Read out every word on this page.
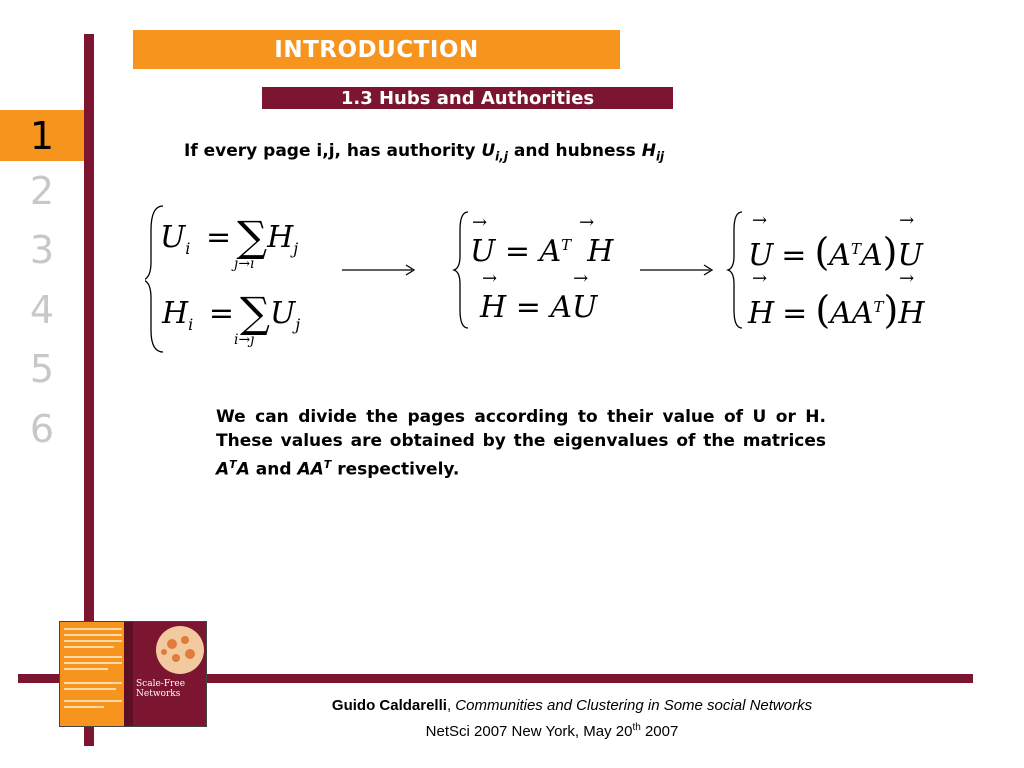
INTRODUCTION
1.3 Hubs and Authorities
1
2
3
4
5
6
If every page i,j, has authority $U_{i,j}$ and hubness $H_{ij}$
$U_i = \sum H_j$
j→i
$H_i = \sum U_j$
i→j
$U = A^T$ H
→	→
H = AU
→	→
$U = (A^TA)U$
→	→
$H = (AA^T)H$
→	→
We can divide the pages according to their value of U or H. These values are obtained by the eigenvalues of the matrices $A^TA$ and $AA^T$ respectively.
Scale-Free
Networks
Guido Caldarelli, Communities and Clustering in Some social Networks
NetSci 2007 New York, May 20th 2007
